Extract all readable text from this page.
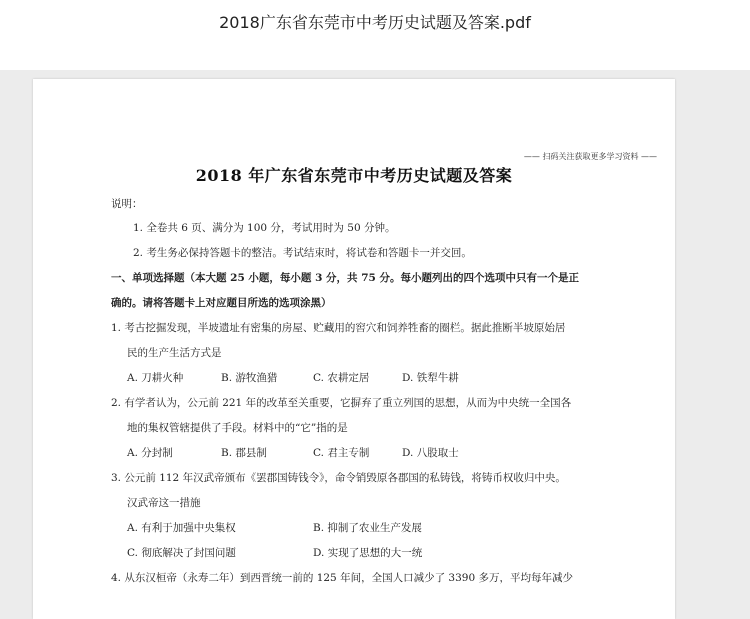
2018广东省东莞市中考历史试题及答案.pdf
—— 扫码关注获取更多学习资料 ——
2018 年广东省东莞市中考历史试题及答案
说明：
1. 全卷共 6 页、满分为 100 分，考试用时为 50 分钟。
2. 考生务必保持答题卡的整洁。考试结束时，将试卷和答题卡一并交回。
一、单项选择题（本大题 25 小题，每小题 3 分，共 75 分。每小题列出的四个选项中只有一个是正
确的。请将答题卡上对应题目所选的选项涂黑）
1. 考古挖掘发现，半坡遗址有密集的房屋、贮藏用的窖穴和饲养牲畜的圈栏。据此推断半坡原始居
民的生产生活方式是
A. 刀耕火种	B. 游牧渔猎	C. 农耕定居	D. 铁犁牛耕
2. 有学者认为，公元前 221 年的改革至关重要，它摒弃了重立列国的思想，从而为中央统一全国各
地的集权管辖提供了手段。材料中的“它”指的是
A. 分封制	B. 郡县制	C. 君主专制	D. 八股取士
3. 公元前 112 年汉武帝颁布《罢郡国铸钱令》，命令销毁原各郡国的私铸钱，将铸币权收归中央。
汉武帝这一措施
A. 有利于加强中央集权	B. 抑制了农业生产发展
C. 彻底解决了封国问题	D. 实现了思想的大一统
4. 从东汉桓帝（永寿二年）到西晋统一前的 125 年间，全国人口减少了 3390 多万，平均每年减少
